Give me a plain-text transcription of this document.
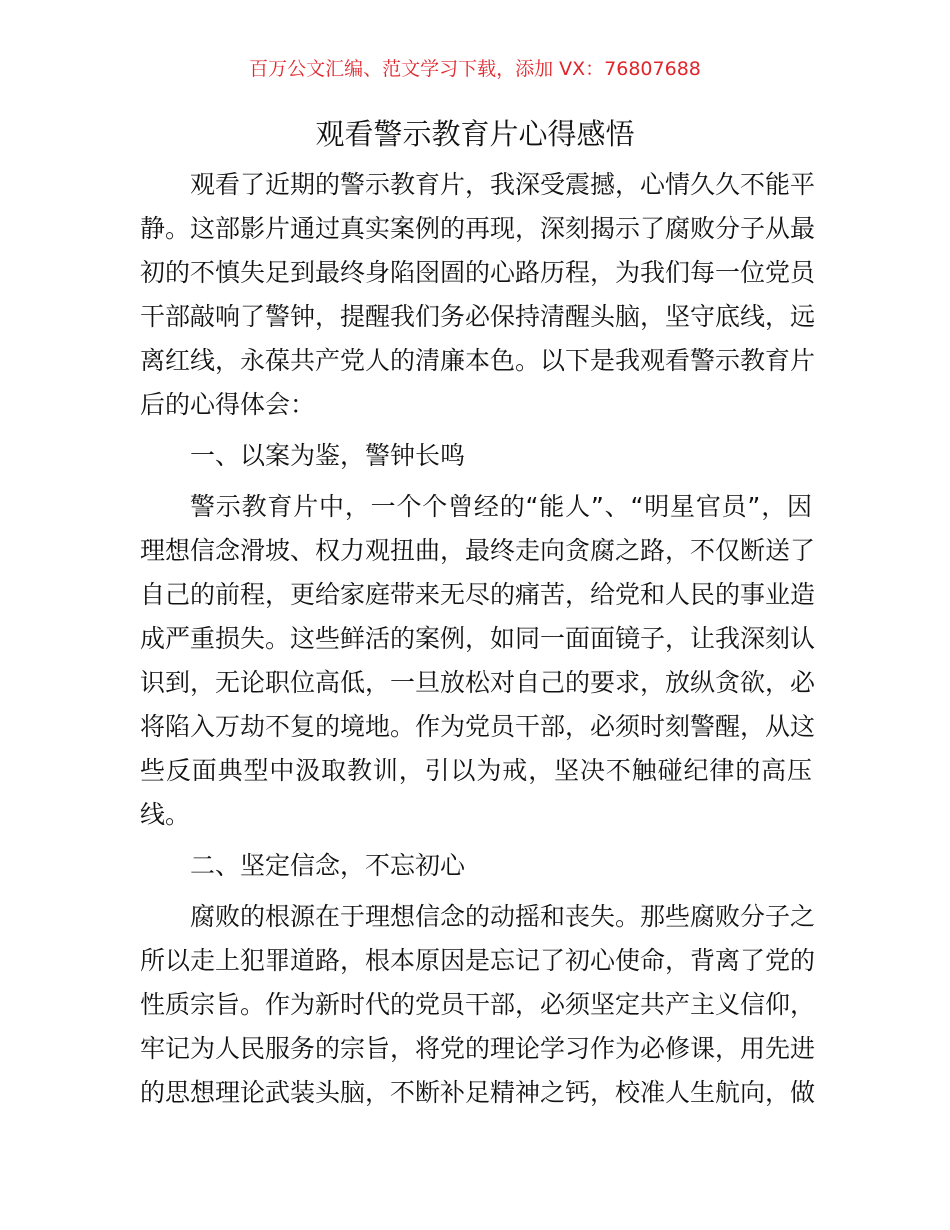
百万公文汇编、范文学习下载，添加 VX：76807688
观看警示教育片心得感悟
观看了近期的警示教育片，我深受震撼，心情久久不能平
静。这部影片通过真实案例的再现，深刻揭示了腐败分子从最
初的不慎失足到最终身陷囹圄的心路历程，为我们每一位党员
干部敲响了警钟，提醒我们务必保持清醒头脑，坚守底线，远
离红线，永葆共产党人的清廉本色。以下是我观看警示教育片
后的心得体会：
一、以案为鉴，警钟长鸣
警示教育片中，一个个曾经的“能人”、“明星官员”，因
理想信念滑坡、权力观扭曲，最终走向贪腐之路，不仅断送了
自己的前程，更给家庭带来无尽的痛苦，给党和人民的事业造
成严重损失。这些鲜活的案例，如同一面面镜子，让我深刻认
识到，无论职位高低，一旦放松对自己的要求，放纵贪欲，必
将陷入万劫不复的境地。作为党员干部，必须时刻警醒，从这
些反面典型中汲取教训，引以为戒，坚决不触碰纪律的高压
线。
二、坚定信念，不忘初心
腐败的根源在于理想信念的动摇和丧失。那些腐败分子之
所以走上犯罪道路，根本原因是忘记了初心使命，背离了党的
性质宗旨。作为新时代的党员干部，必须坚定共产主义信仰，
牢记为人民服务的宗旨，将党的理论学习作为必修课，用先进
的思想理论武装头脑，不断补足精神之钙，校准人生航向，做
